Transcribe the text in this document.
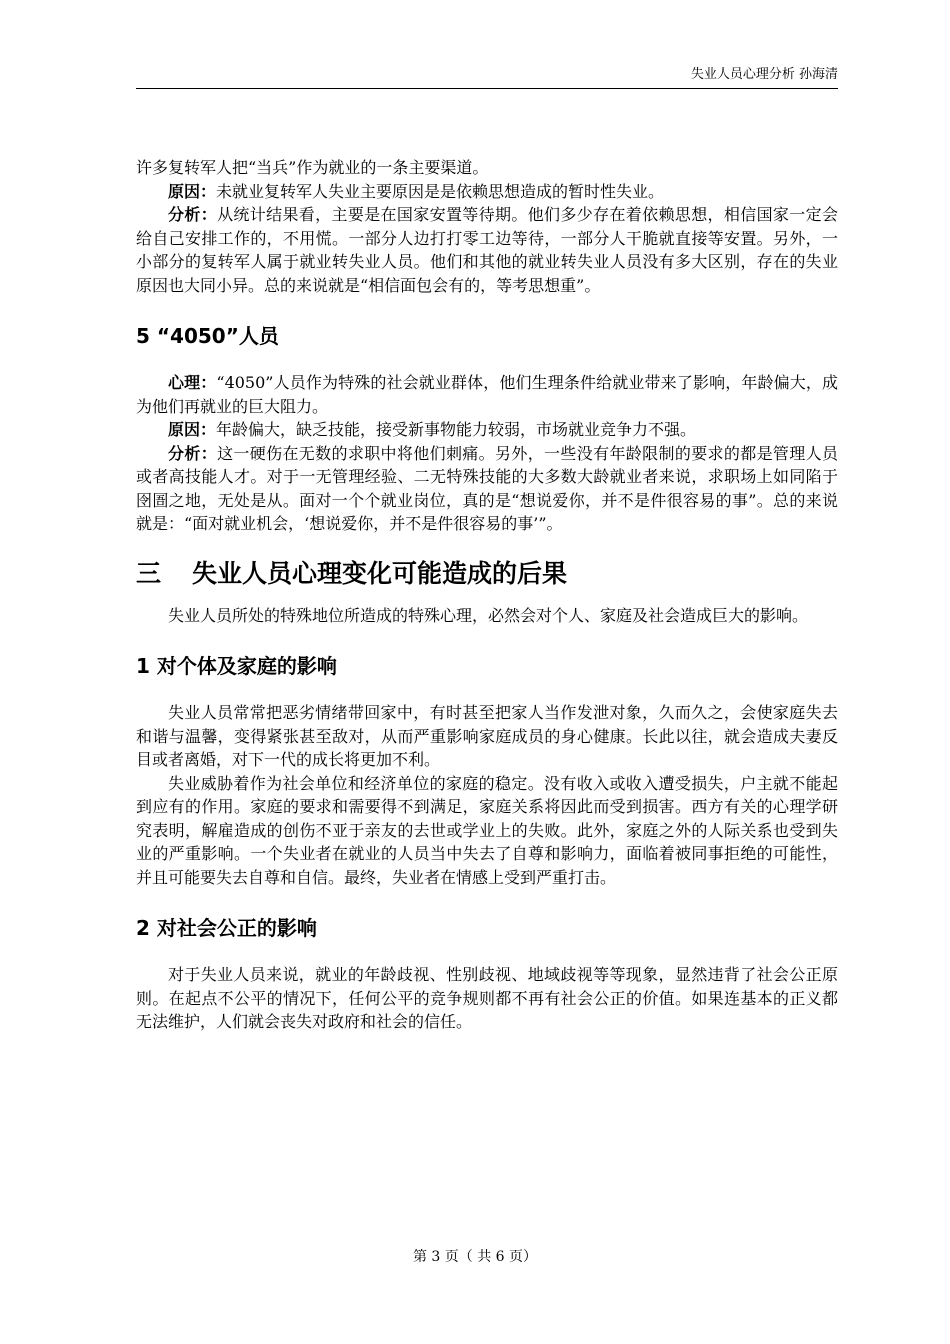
失业人员心理分析 孙海清

许多复转军人把“当兵”作为就业的一条主要渠道。

原因：未就业复转军人失业主要原因是是依赖思想造成的暂时性失业。

分析：从统计结果看，主要是在国家安置等待期。他们多少存在着依赖思想，相信国家一定会给自己安排工作的，不用慌。一部分人边打打零工边等待，一部分人干脆就直接等安置。另外，一小部分的复转军人属于就业转失业人员。他们和其他的就业转失业人员没有多大区别，存在的失业原因也大同小异。总的来说就是“相信面包会有的，等考思想重”。

5 “4050”人员

心理：“4050”人员作为特殊的社会就业群体，他们生理条件给就业带来了影响，年龄偏大，成为他们再就业的巨大阻力。

原因：年龄偏大，缺乏技能，接受新事物能力较弱，市场就业竞争力不强。

分析：这一硬伤在无数的求职中将他们刺痛。另外，一些没有年龄限制的要求的都是管理人员或者高技能人才。对于一无管理经验、二无特殊技能的大多数大龄就业者来说，求职场上如同陷于囹圄之地，无处是从。面对一个个就业岗位，真的是“想说爱你，并不是件很容易的事”。总的来说就是：“面对就业机会，‘想说爱你，并不是件很容易的事’”。

三 失业人员心理变化可能造成的后果

失业人员所处的特殊地位所造成的特殊心理，必然会对个人、家庭及社会造成巨大的影响。

1 对个体及家庭的影响

失业人员常常把恶劣情绪带回家中，有时甚至把家人当作发泄对象，久而久之，会使家庭失去和谐与温馨，变得紧张甚至敌对，从而严重影响家庭成员的身心健康。长此以往，就会造成夫妻反目或者离婚，对下一代的成长将更加不利。

失业威胁着作为社会单位和经济单位的家庭的稳定。没有收入或收入遭受损失，户主就不能起到应有的作用。家庭的要求和需要得不到满足，家庭关系将因此而受到损害。西方有关的心理学研究表明，解雇造成的创伤不亚于亲友的去世或学业上的失败。此外，家庭之外的人际关系也受到失业的严重影响。一个失业者在就业的人员当中失去了自尊和影响力，面临着被同事拒绝的可能性，并且可能要失去自尊和自信。最终，失业者在情感上受到严重打击。

2 对社会公正的影响

对于失业人员来说，就业的年龄歧视、性别歧视、地域歧视等等现象，显然违背了社会公正原则。在起点不公平的情况下，任何公平的竞争规则都不再有社会公正的价值。如果连基本的正义都无法维护，人们就会丧失对政府和社会的信任。

第 3 页（ 共 6 页）
